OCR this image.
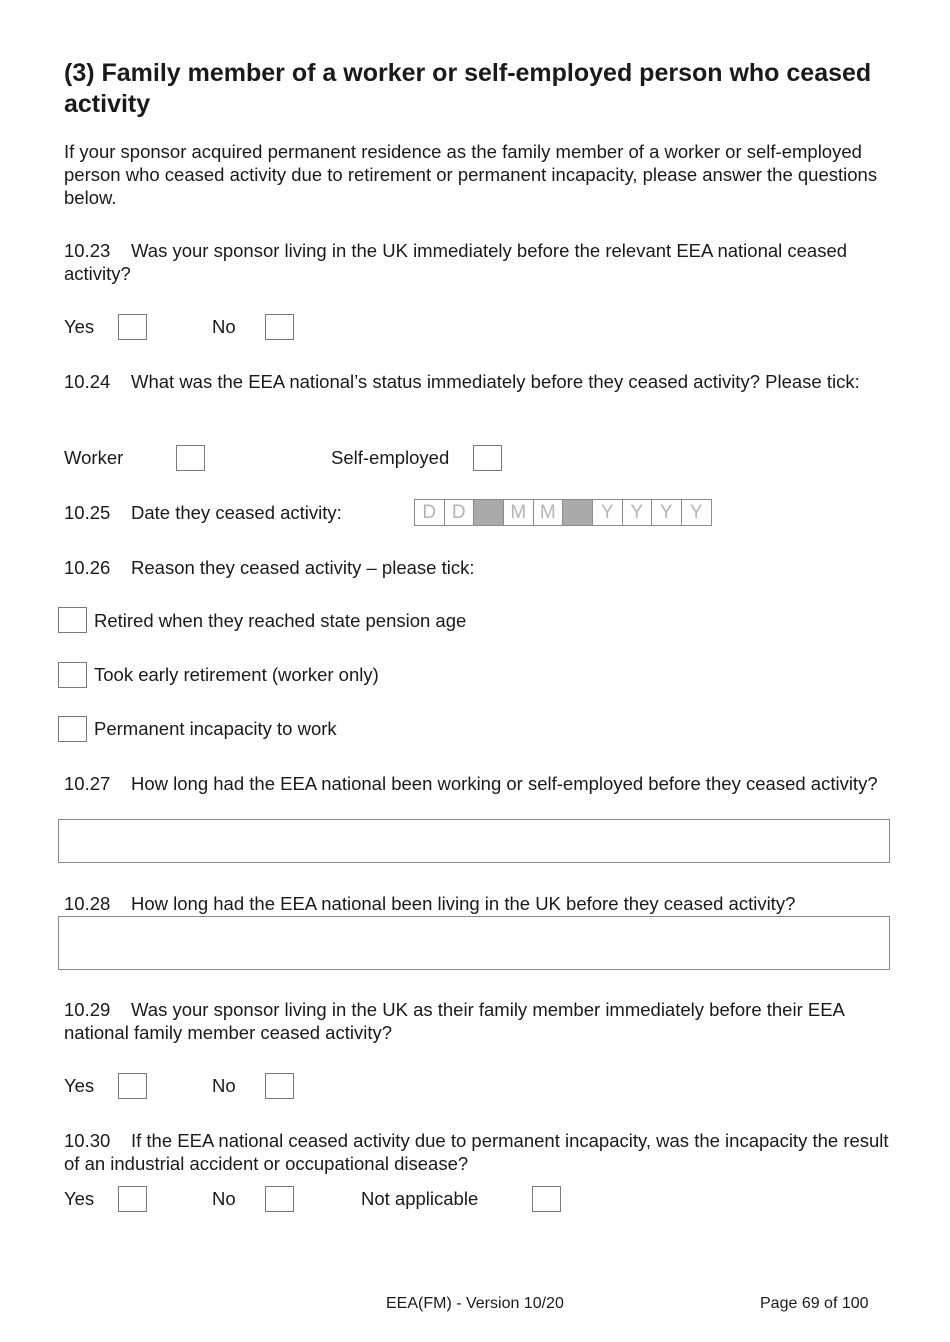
(3) Family member of a worker or self-employed person who ceased activity
If your sponsor acquired permanent residence as the family member of a worker or self-employed person who ceased activity due to retirement or permanent incapacity, please answer the questions below.
10.23 Was your sponsor living in the UK immediately before the relevant EEA national ceased activity?
Yes	No
10.24 What was the EEA national’s status immediately before they ceased activity? Please tick:
Worker	Self-employed
10.25 Date they ceased activity:	D D	M M	Y Y Y Y
10.26 Reason they ceased activity – please tick:
Retired when they reached state pension age
Took early retirement (worker only)
Permanent incapacity to work
10.27 How long had the EEA national been working or self-employed before they ceased activity?
10.28 How long had the EEA national been living in the UK before they ceased activity?
10.29 Was your sponsor living in the UK as their family member immediately before their EEA national family member ceased activity?
Yes	No
10.30 If the EEA national ceased activity due to permanent incapacity, was the incapacity the result of an industrial accident or occupational disease?
Yes	No	Not applicable
EEA(FM) - Version 10/20	Page 69 of 100
